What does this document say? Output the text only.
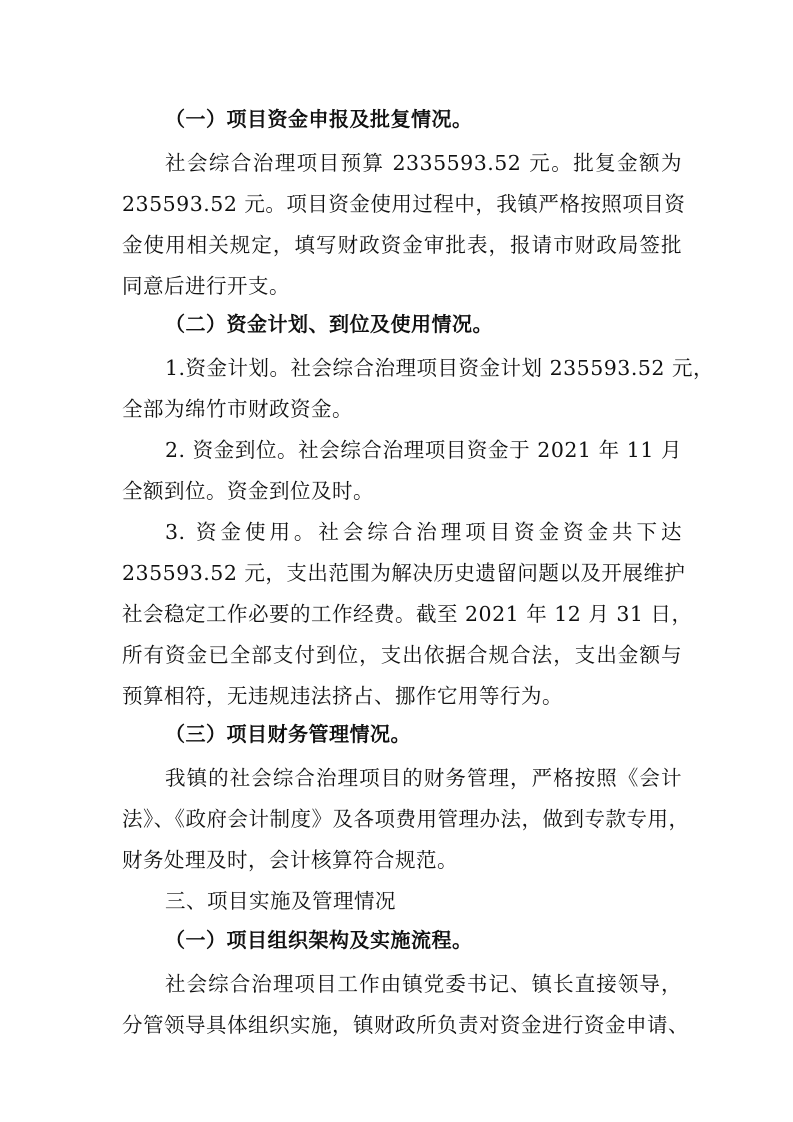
（一）项目资金申报及批复情况。
社会综合治理项目预算 2335593.52 元。批复金额为
235593.52 元。项目资金使用过程中，我镇严格按照项目资
金使用相关规定，填写财政资金审批表，报请市财政局签批
同意后进行开支。
（二）资金计划、到位及使用情况。
1.资金计划。社会综合治理项目资金计划 235593.52 元，
全部为绵竹市财政资金。
2. 资金到位。社会综合治理项目资金于 2021 年 11 月
全额到位。资金到位及时。
3. 资金使用。社会综合治理项目资金资金共下达
235593.52 元，支出范围为解决历史遗留问题以及开展维护
社会稳定工作必要的工作经费。截至 2021 年 12 月 31 日，
所有资金已全部支付到位，支出依据合规合法，支出金额与
预算相符，无违规违法挤占、挪作它用等行为。
（三）项目财务管理情况。
我镇的社会综合治理项目的财务管理，严格按照《会计
法》、《政府会计制度》及各项费用管理办法，做到专款专用，
财务处理及时，会计核算符合规范。
三、项目实施及管理情况
（一）项目组织架构及实施流程。
社会综合治理项目工作由镇党委书记、镇长直接领导，
分管领导具体组织实施，镇财政所负责对资金进行资金申请、
